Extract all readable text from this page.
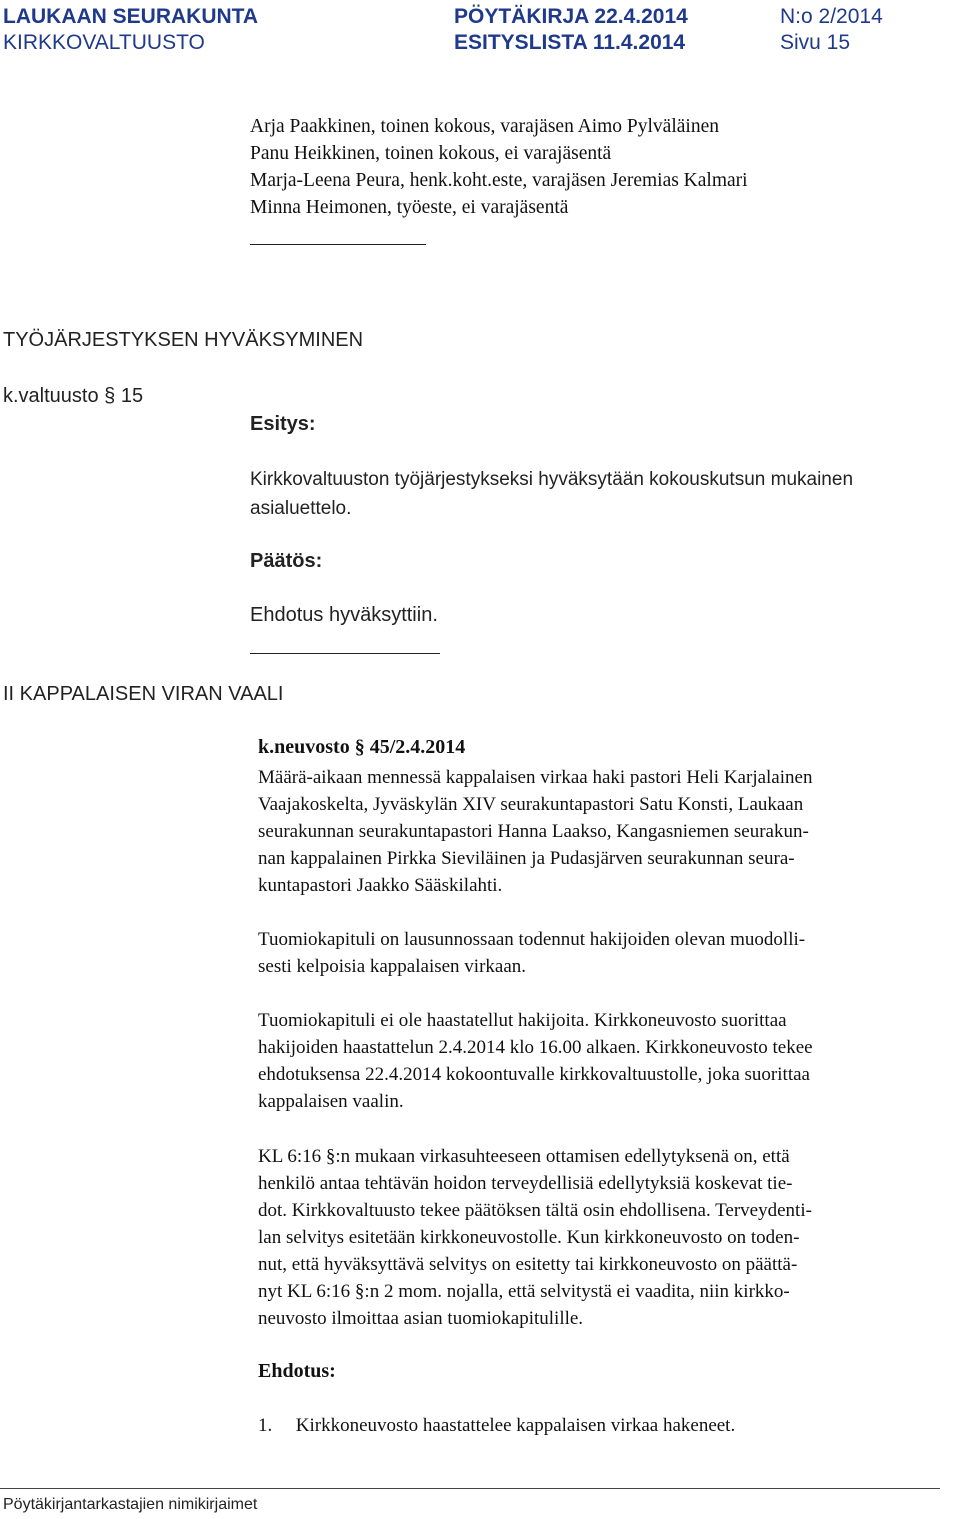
LAUKAAN SEURAKUNTA
KIRKKOVALTUUSTO
PÖYTÄKIRJA 22.4.2014
ESITYSLISTA 11.4.2014
N:o 2/2014
Sivu 15
Arja Paakkinen, toinen kokous, varajäsen Aimo Pylväläinen
Panu Heikkinen, toinen kokous, ei varajäsentä
Marja-Leena Peura, henk.koht.este, varajäsen Jeremias Kalmari
Minna Heimonen, työeste, ei varajäsentä
TYÖJÄRJESTYKSEN HYVÄKSYMINEN
k.valtuusto § 15
Esitys:
Kirkkovaltuuston työjärjestykseksi hyväksytään kokouskutsun mukainen
asialuettelo.
Päätös:
Ehdotus hyväksyttiin.
II KAPPALAISEN VIRAN VAALI
k.neuvosto § 45/2.4.2014
Määrä-aikaan mennessä kappalaisen virkaa haki pastori Heli Karjalainen
Vaajakoskelta, Jyväskylän XIV seurakuntapastori Satu Konsti, Laukaan
seurakunnan seurakuntapastori Hanna Laakso, Kangasniemen seurakun-
nan kappalainen Pirkka Sieviläinen ja Pudasjärven seurakunnan seura-
kuntapastori Jaakko Sääskilahti.
Tuomiokapituli on lausunnossaan todennut hakijoiden olevan muodolli-
sesti kelpoisia kappalaisen virkaan.
Tuomiokapituli ei ole haastatellut hakijoita. Kirkkoneuvosto suorittaa
hakijoiden haastattelun 2.4.2014 klo 16.00 alkaen. Kirkkoneuvosto tekee
ehdotuksensa 22.4.2014 kokoontuvalle kirkkovaltuustolle, joka suorittaa
kappalaisen vaalin.
KL 6:16 §:n mukaan virkasuhteeseen ottamisen edellytyksenä on, että
henkilö antaa tehtävän hoidon terveydellisiä edellytyksiä koskevat tie-
dot. Kirkkovaltuusto tekee päätöksen tältä osin ehdollisena. Terveydenti-
lan selvitys esitetään kirkkoneuvostolle. Kun kirkkoneuvosto on toden-
nut, että hyväksyttävä selvitys on esitetty tai kirkkoneuvosto on päättä-
nyt KL 6:16 §:n 2 mom. nojalla, että selvitystä ei vaadita, niin kirkko-
neuvosto ilmoittaa asian tuomiokapitulille.
Ehdotus:
1. Kirkkoneuvosto haastattelee kappalaisen virkaa hakeneet.
Pöytäkirjantarkastajien nimikirjaimet
